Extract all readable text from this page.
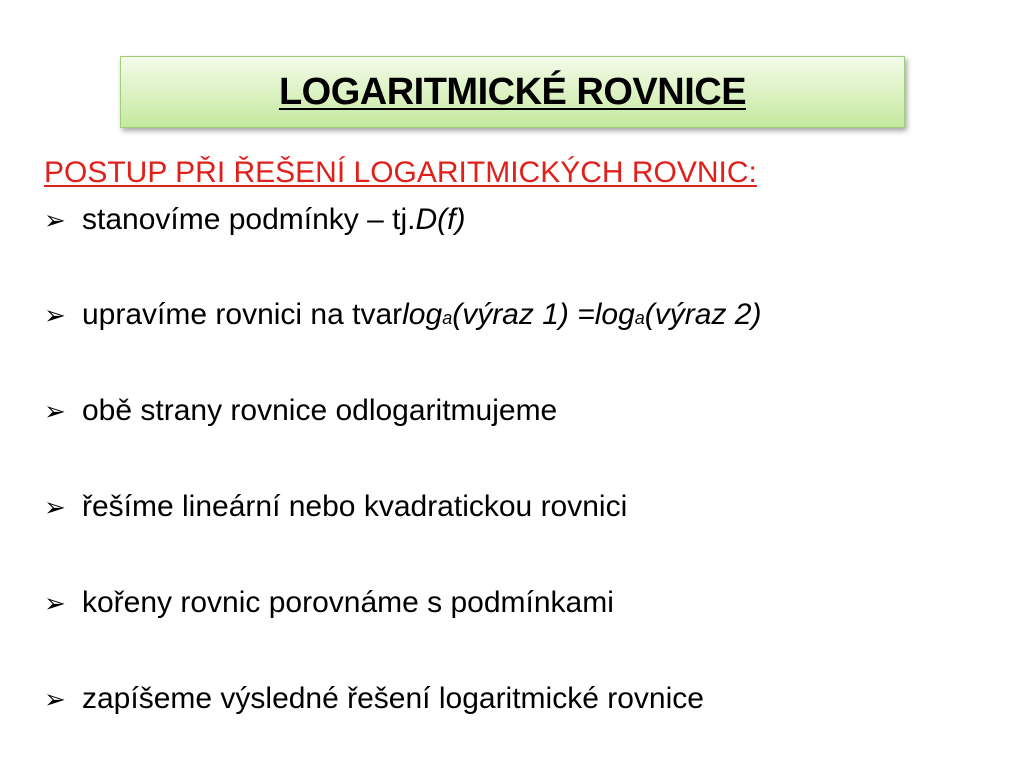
LOGARITMICKÉ ROVNICE
POSTUP PŘI ŘEŠENÍ LOGARITMICKÝCH ROVNIC:
➢ stanovíme podmínky – tj. D(f)
➢ upravíme rovnici na tvar log a (výraz 1) = log a (výraz 2)
➢ obě strany rovnice odlogaritmujeme
➢ řešíme lineární nebo kvadratickou rovnici
➢ kořeny rovnic porovnáme s podmínkami
➢ zapíšeme výsledné řešení logaritmické rovnice
